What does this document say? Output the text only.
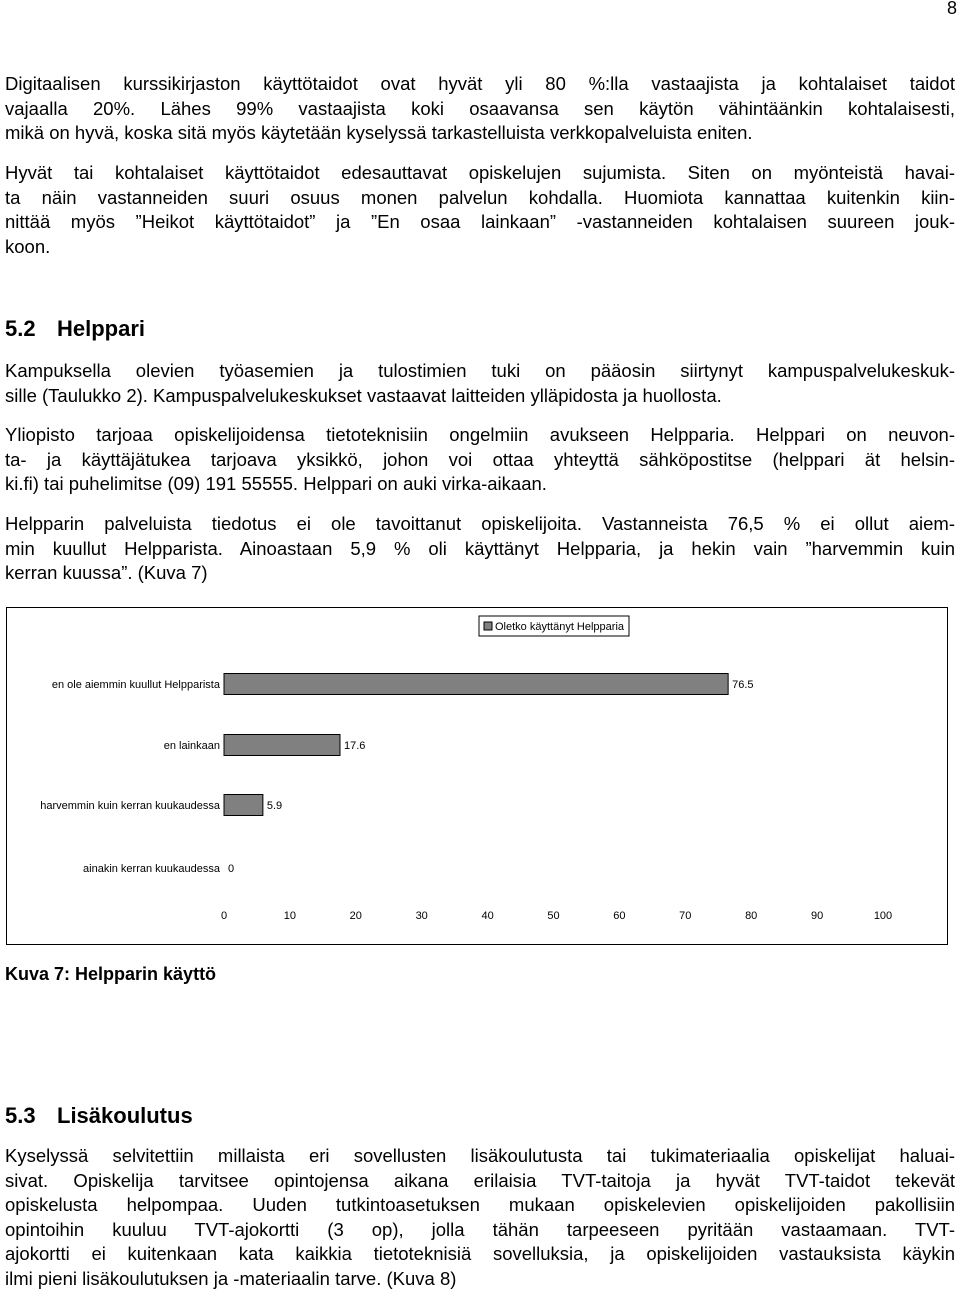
8
Digitaalisen kurssikirjaston käyttötaidot ovat hyvät yli 80 %:lla vastaajista ja kohtalaiset taidot
vajaalla 20%. Lähes 99% vastaajista koki osaavansa sen käytön vähintäänkin kohtalaisesti,
mikä on hyvä, koska sitä myös käytetään kyselyssä tarkastelluista verkkopalveluista eniten.
Hyvät tai kohtalaiset käyttötaidot edesauttavat opiskelujen sujumista. Siten on myönteistä havai-
ta näin vastanneiden suuri osuus monen palvelun kohdalla. Huomiota kannattaa kuitenkin kiin-
nittää myös ”Heikot käyttötaidot” ja ”En osaa lainkaan” -vastanneiden kohtalaisen suureen jouk-
koon.
5.2 Helppari
Kampuksella olevien työasemien ja tulostimien tuki on pääosin siirtynyt kampuspalvelukeskuk-
sille (Taulukko 2). Kampuspalvelukeskukset vastaavat laitteiden ylläpidosta ja huollosta.
Yliopisto tarjoaa opiskelijoidensa tietoteknisiin ongelmiin avukseen Helpparia. Helppari on neuvon-
ta- ja käyttäjätukea tarjoava yksikkö, johon voi ottaa yhteyttä sähköpostitse (helppari ät helsin-
ki.fi) tai puhelimitse (09) 191 55555. Helppari on auki virka-aikaan.
Helpparin palveluista tiedotus ei ole tavoittanut opiskelijoita. Vastanneista 76,5 % ei ollut aiem-
min kuullut Helpparista. Ainoastaan 5,9 % oli käyttänyt Helpparia, ja hekin vain ”harvemmin kuin
kerran kuussa”. (Kuva 7)
Oletko käyttänyt Helpparia
en ole aiemmin kuullut Helpparista	76.5
en lainkaan	17.6
harvemmin kuin kerran kuukaudessa	5.9
ainakin kerran kuukaudessa 0
0	10	20	30	40	50	60	70	80	90	100
Kuva 7: Helpparin käyttö
5.3 Lisäkoulutus
Kyselyssä selvitettiin millaista eri sovellusten lisäkoulutusta tai tukimateriaalia opiskelijat haluai-
sivat. Opiskelija tarvitsee opintojensa aikana erilaisia TVT-taitoja ja hyvät TVT-taidot tekevät
opiskelusta helpompaa. Uuden tutkintoasetuksen mukaan opiskelevien opiskelijoiden pakollisiin
opintoihin kuuluu TVT-ajokortti (3 op), jolla tähän tarpeeseen pyritään vastaamaan. TVT-
ajokortti ei kuitenkaan kata kaikkia tietoteknisiä sovelluksia, ja opiskelijoiden vastauksista käykin
ilmi pieni lisäkoulutuksen ja -materiaalin tarve. (Kuva 8)
